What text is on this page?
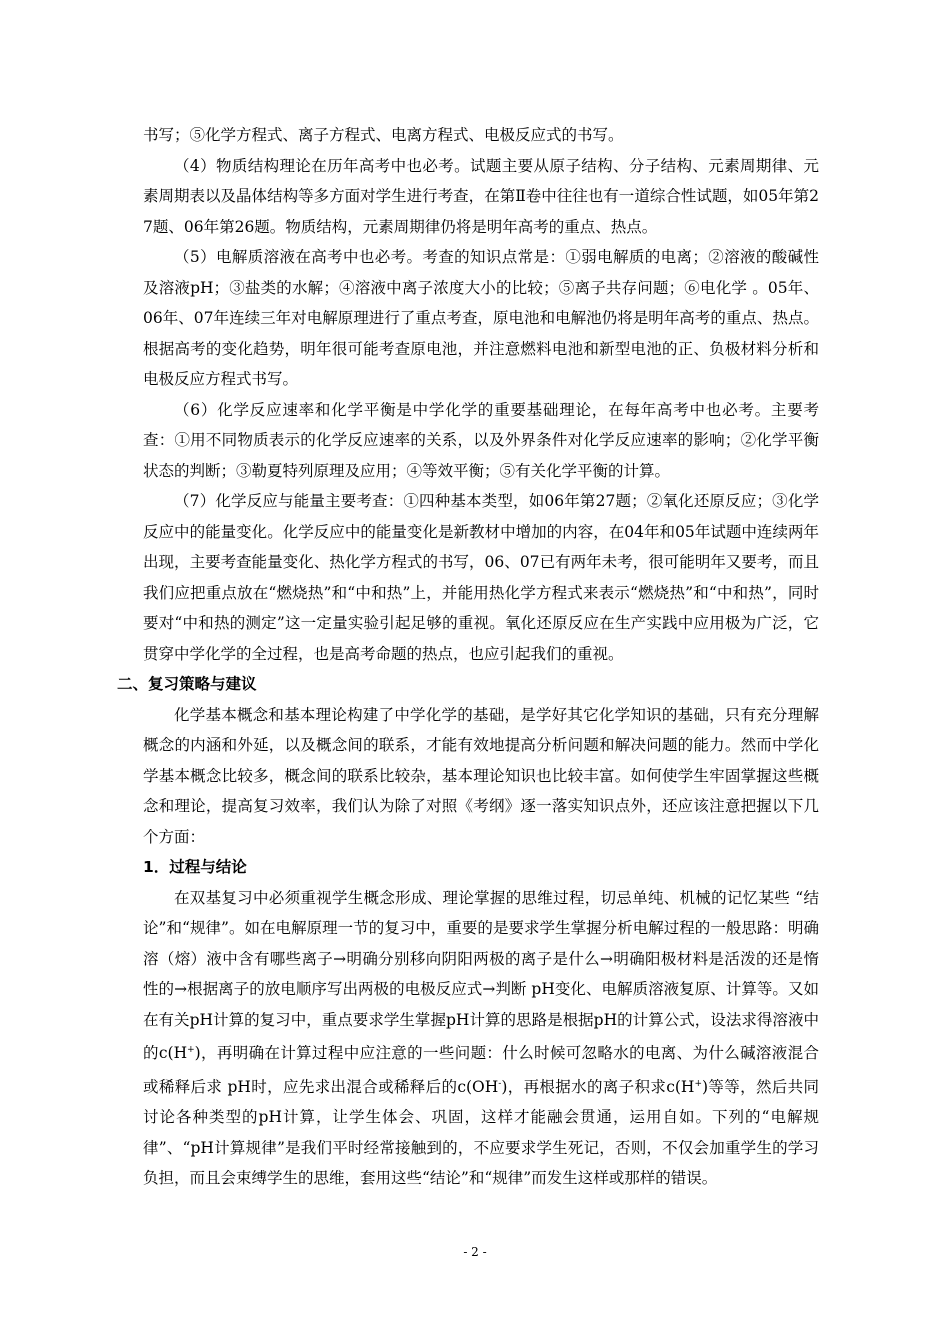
书写；⑤化学方程式、离子方程式、电离方程式、电极反应式的书写。

（4）物质结构理论在历年高考中也必考。试题主要从原子结构、分子结构、元素周期律、元素周期表以及晶体结构等多方面对学生进行考查，在第Ⅱ卷中往往也有一道综合性试题，如05年第27题、06年第26题。物质结构，元素周期律仍将是明年高考的重点、热点。

（5）电解质溶液在高考中也必考。考查的知识点常是：①弱电解质的电离；②溶液的酸碱性及溶液pH；③盐类的水解；④溶液中离子浓度大小的比较；⑤离子共存问题；⑥电化学 。05年、06年、07年连续三年对电解原理进行了重点考查，原电池和电解池仍将是明年高考的重点、热点。根据高考的变化趋势，明年很可能考查原电池，并注意燃料电池和新型电池的正、负极材料分析和电极反应方程式书写。

（6）化学反应速率和化学平衡是中学化学的重要基础理论，在每年高考中也必考。主要考查：①用不同物质表示的化学反应速率的关系，以及外界条件对化学反应速率的影响；②化学平衡状态的判断；③勒夏特列原理及应用；④等效平衡；⑤有关化学平衡的计算。

（7）化学反应与能量主要考查：①四种基本类型，如06年第27题；②氧化还原反应；③化学反应中的能量变化。化学反应中的能量变化是新教材中增加的内容，在04年和05年试题中连续两年出现，主要考查能量变化、热化学方程式的书写，06、07已有两年未考，很可能明年又要考，而且我们应把重点放在“燃烧热”和“中和热”上，并能用热化学方程式来表示“燃烧热”和“中和热”，同时要对“中和热的测定”这一定量实验引起足够的重视。氧化还原反应在生产实践中应用极为广泛，它贯穿中学化学的全过程，也是高考命题的热点，也应引起我们的重视。

二、复习策略与建议

化学基本概念和基本理论构建了中学化学的基础，是学好其它化学知识的基础，只有充分理解概念的内涵和外延，以及概念间的联系，才能有效地提高分析问题和解决问题的能力。然而中学化学基本概念比较多，概念间的联系比较杂，基本理论知识也比较丰富。如何使学生牢固掌握这些概念和理论，提高复习效率，我们认为除了对照《考纲》逐一落实知识点外，还应该注意把握以下几个方面：

1．过程与结论

在双基复习中必须重视学生概念形成、理论掌握的思维过程，切忌单纯、机械的记忆某些 “结论”和“规律”。如在电解原理一节的复习中，重要的是要求学生掌握分析电解过程的一般思路：明确溶（熔）液中含有哪些离子→明确分别移向阴阳两极的离子是什么→明确阳极材料是活泼的还是惰性的→根据离子的放电顺序写出两极的电极反应式→判断 pH变化、电解质溶液复原、计算等。又如在有关pH计算的复习中，重点要求学生掌握pH计算的思路是根据pH的计算公式，设法求得溶液中的c(H+)，再明确在计算过程中应注意的一些问题：什么时候可忽略水的电离、为什么碱溶液混合或稀释后求 pH时，应先求出混合或稀释后的c(OH-)，再根据水的离子积求c(H+)等等，然后共同讨论各种类型的pH计算，让学生体会、巩固，这样才能融会贯通，运用自如。下列的“电解规律”、“pH计算规律”是我们平时经常接触到的，不应要求学生死记，否则，不仅会加重学生的学习负担，而且会束缚学生的思维，套用这些“结论”和“规律”而发生这样或那样的错误。

- 2 -
